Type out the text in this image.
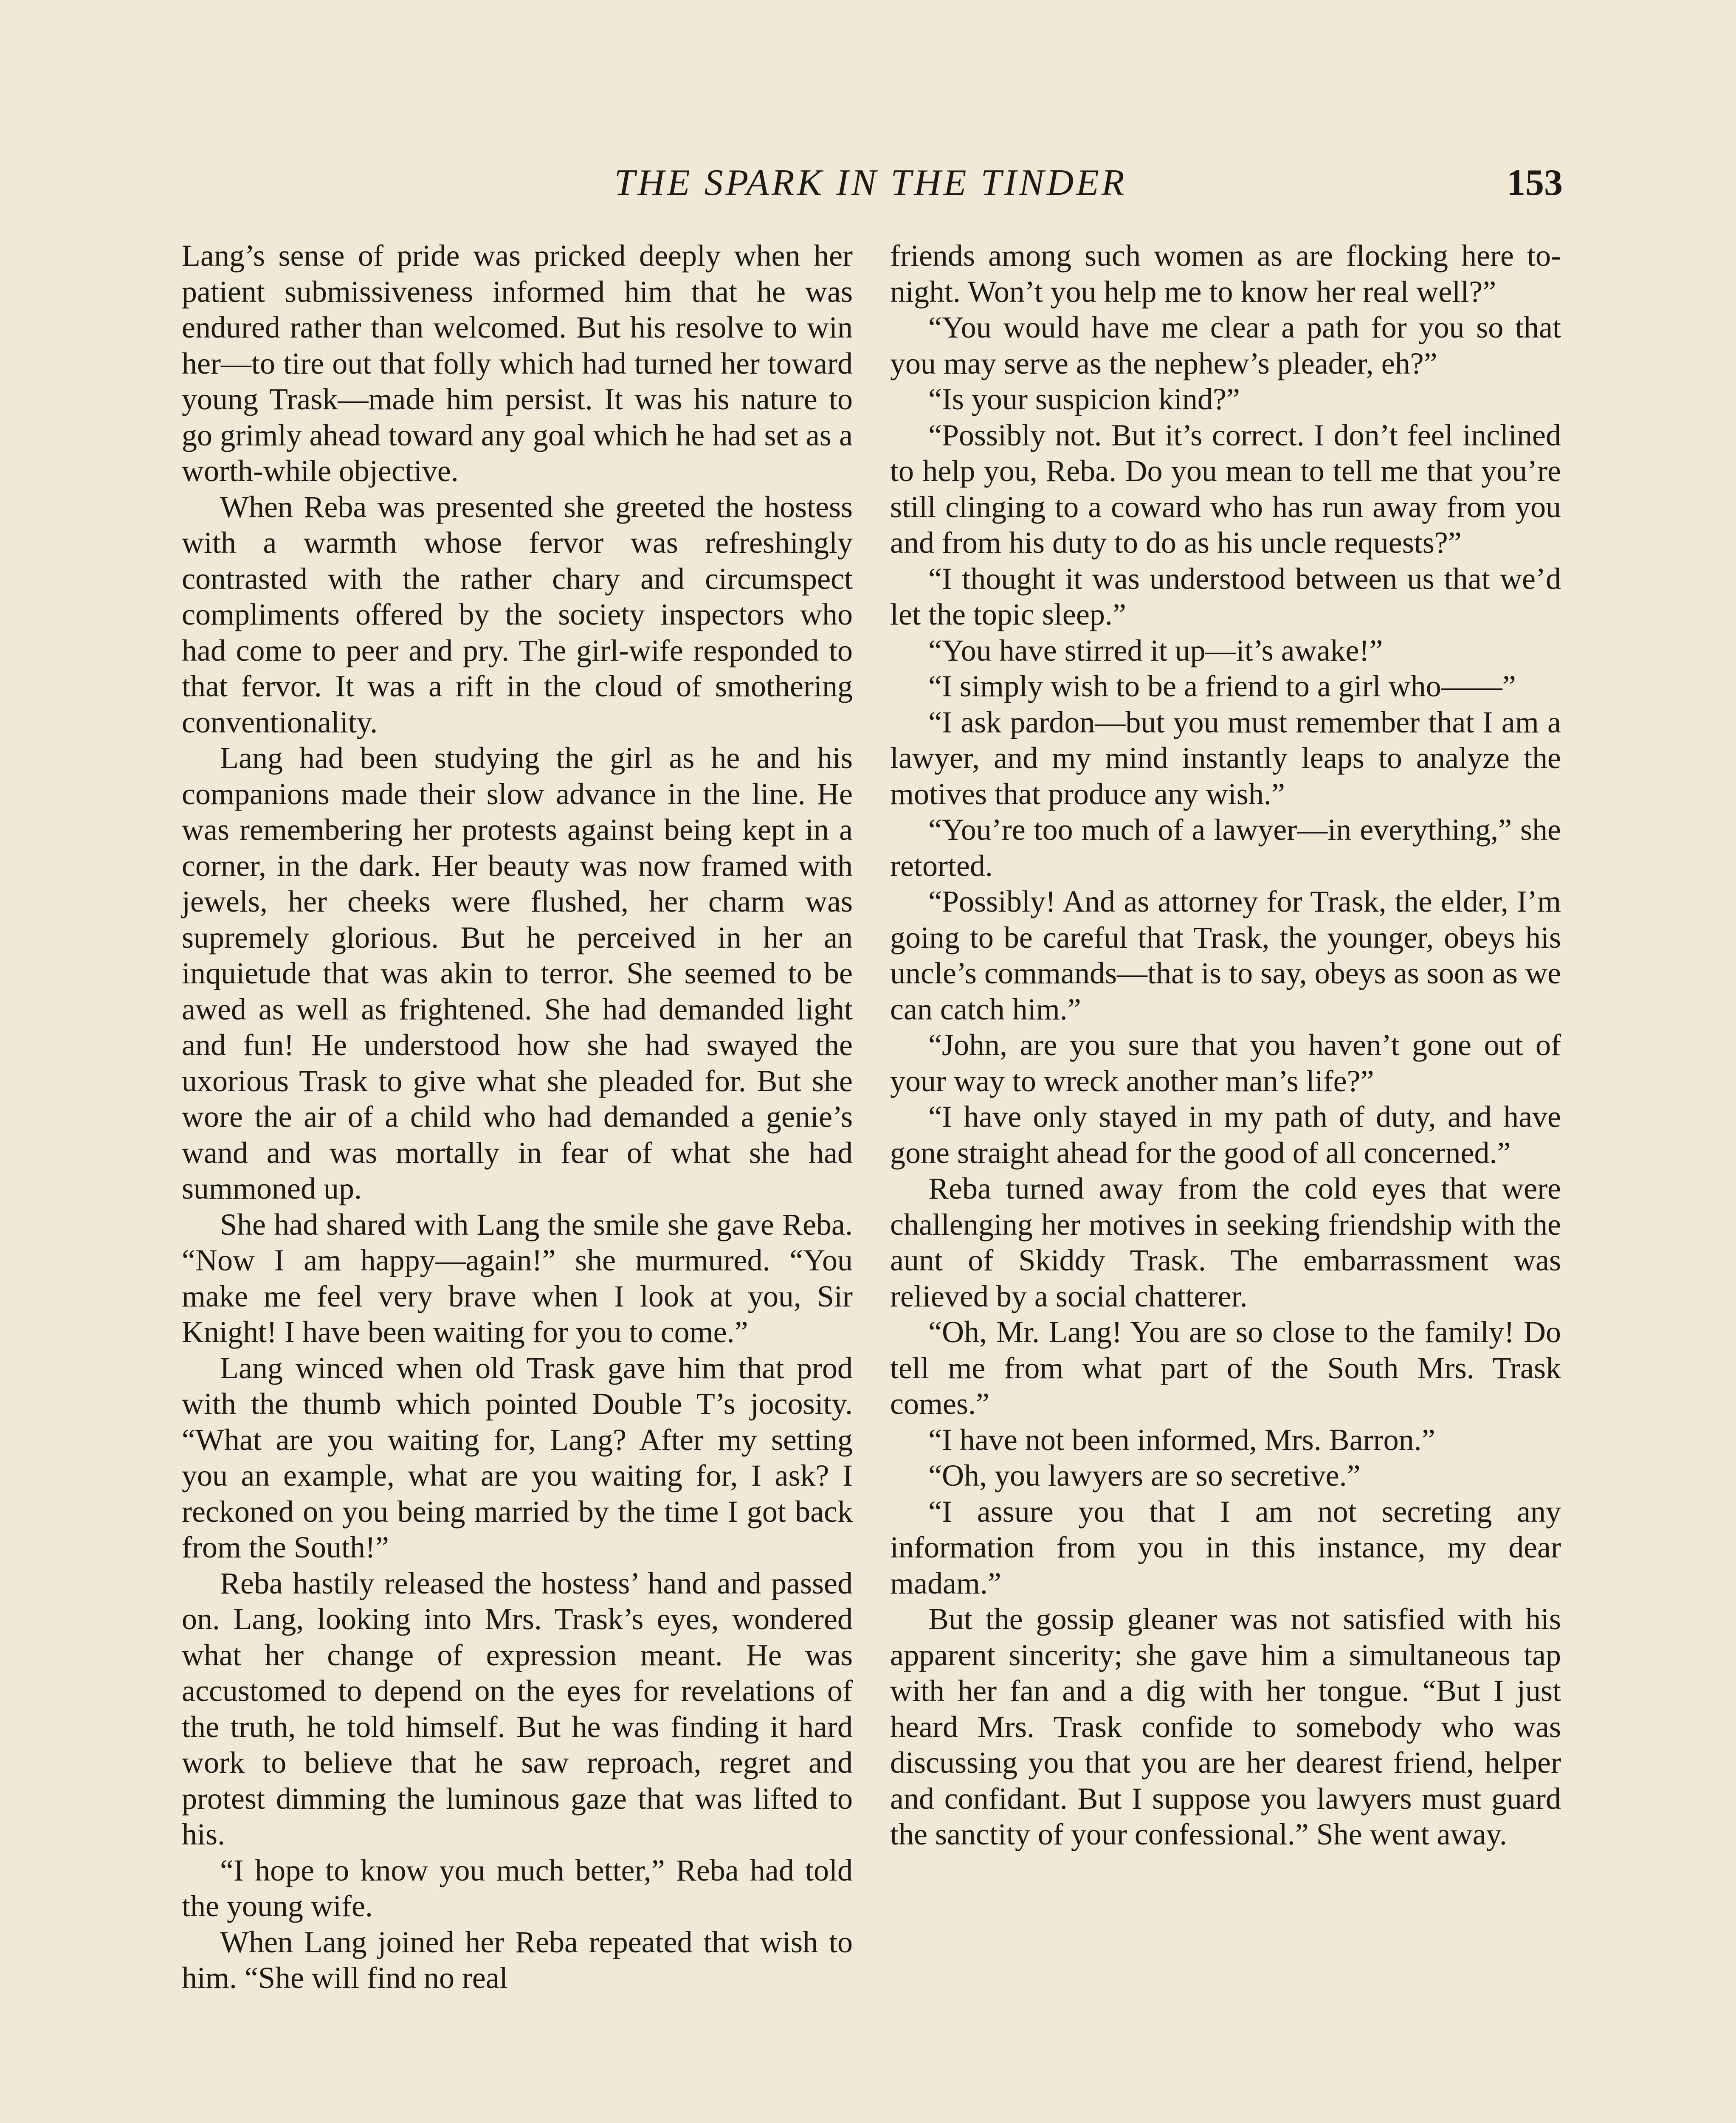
THE SPARK IN THE TINDER	153

Lang’s sense of pride was pricked deeply when her patient submissiveness informed him that he was endured rather than welcomed. But his resolve to win her—to tire out that folly which had turned her toward young Trask—made him persist. It was his nature to go grimly ahead toward any goal which he had set as a worth-while objective.

When Reba was presented she greeted the hostess with a warmth whose fervor was refreshingly contrasted with the rather chary and circumspect compliments offered by the society inspectors who had come to peer and pry. The girl-wife responded to that fervor. It was a rift in the cloud of smothering conventionality.

Lang had been studying the girl as he and his companions made their slow advance in the line. He was remembering her protests against being kept in a corner, in the dark. Her beauty was now framed with jewels, her cheeks were flushed, her charm was supremely glorious. But he perceived in her an inquietude that was akin to terror. She seemed to be awed as well as frightened. She had demanded light and fun! He understood how she had swayed the uxorious Trask to give what she pleaded for. But she wore the air of a child who had demanded a genie’s wand and was mortally in fear of what she had summoned up.

She had shared with Lang the smile she gave Reba. “Now I am happy—again!” she murmured. “You make me feel very brave when I look at you, Sir Knight! I have been waiting for you to come.”

Lang winced when old Trask gave him that prod with the thumb which pointed Double T’s jocosity. “What are you waiting for, Lang? After my setting you an example, what are you waiting for, I ask? I reckoned on you being married by the time I got back from the South!”

Reba hastily released the hostess’ hand and passed on. Lang, looking into Mrs. Trask’s eyes, wondered what her change of expression meant. He was accustomed to depend on the eyes for revelations of the truth, he told himself. But he was finding it hard work to believe that he saw reproach, regret and protest dimming the luminous gaze that was lifted to his.

“I hope to know you much better,” Reba had told the young wife.

When Lang joined her Reba repeated that wish to him. “She will find no real

friends among such women as are flocking here to-night. Won’t you help me to know her real well?”

“You would have me clear a path for you so that you may serve as the nephew’s pleader, eh?”

“Is your suspicion kind?”

“Possibly not. But it’s correct. I don’t feel inclined to help you, Reba. Do you mean to tell me that you’re still clinging to a coward who has run away from you and from his duty to do as his uncle requests?”

“I thought it was understood between us that we’d let the topic sleep.”

“You have stirred it up—it’s awake!”

“I simply wish to be a friend to a girl who——”

“I ask pardon—but you must remember that I am a lawyer, and my mind instantly leaps to analyze the motives that produce any wish.”

“You’re too much of a lawyer—in everything,” she retorted.

“Possibly! And as attorney for Trask, the elder, I’m going to be careful that Trask, the younger, obeys his uncle’s commands—that is to say, obeys as soon as we can catch him.”

“John, are you sure that you haven’t gone out of your way to wreck another man’s life?”

“I have only stayed in my path of duty, and have gone straight ahead for the good of all concerned.”

Reba turned away from the cold eyes that were challenging her motives in seeking friendship with the aunt of Skiddy Trask. The embarrassment was relieved by a social chatterer.

“Oh, Mr. Lang! You are so close to the family! Do tell me from what part of the South Mrs. Trask comes.”

“I have not been informed, Mrs. Barron.”

“Oh, you lawyers are so secretive.”

“I assure you that I am not secreting any information from you in this instance, my dear madam.”

But the gossip gleaner was not satisfied with his apparent sincerity; she gave him a simultaneous tap with her fan and a dig with her tongue. “But I just heard Mrs. Trask confide to somebody who was discussing you that you are her dearest friend, helper and confidant. But I suppose you lawyers must guard the sanctity of your confessional.” She went away.
